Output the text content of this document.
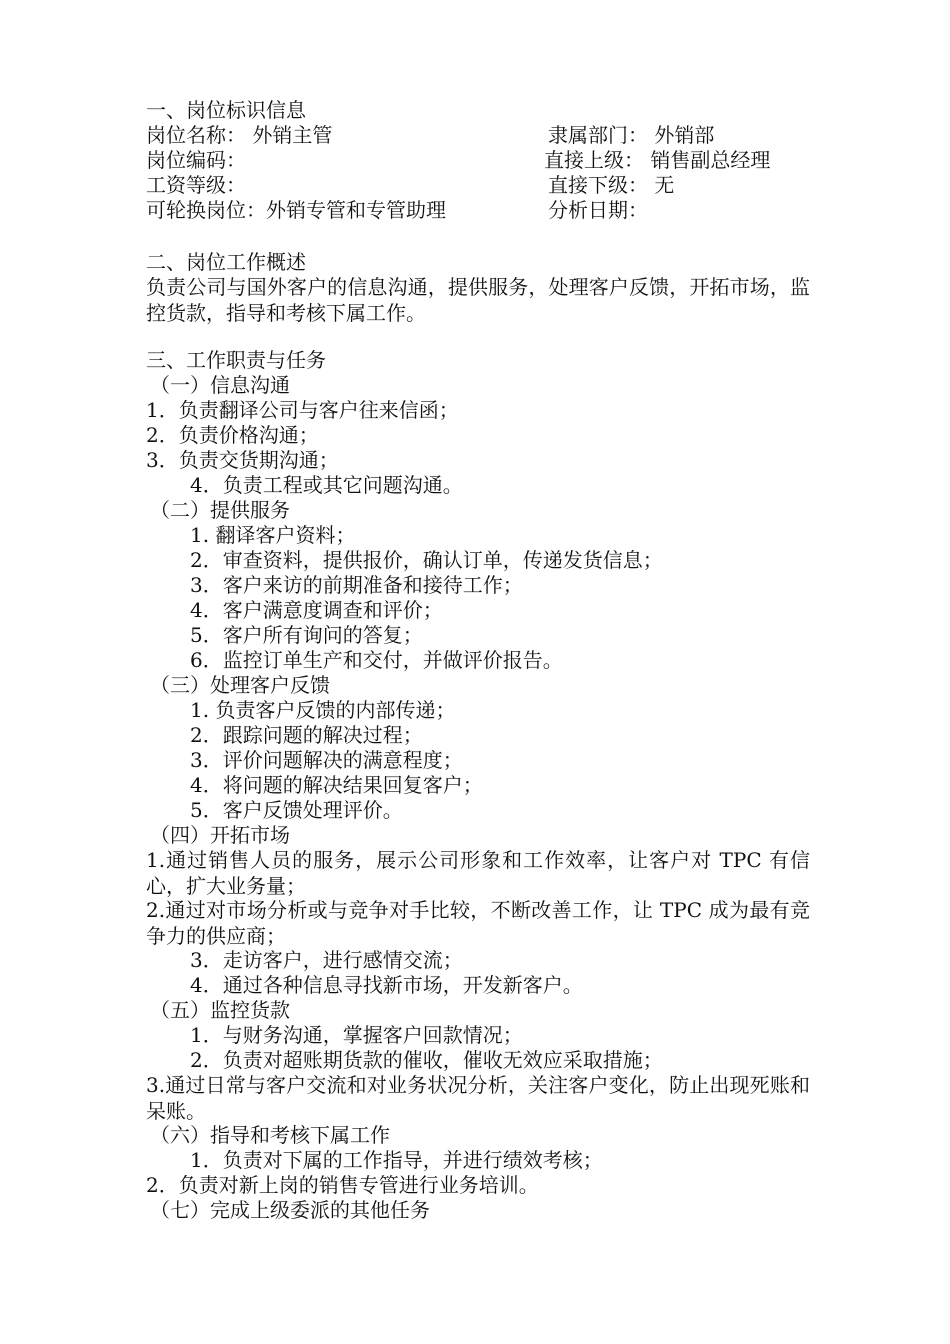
一、岗位标识信息
岗位名称： 外销主管	隶属部门： 外销部
岗位编码：	直接上级： 销售副总经理
工资等级：	直接下级： 无
可轮换岗位：外销专管和专管助理	分析日期：
二、岗位工作概述
负责公司与国外客户的信息沟通，提供服务，处理客户反馈，开拓市场，监控货款，指导和考核下属工作。
三、工作职责与任务
（一）信息沟通
1．负责翻译公司与客户往来信函；
2．负责价格沟通；
3．负责交货期沟通；
4．负责工程或其它问题沟通。
（二）提供服务
1. 翻译客户资料；
2．审查资料，提供报价，确认订单，传递发货信息；
3．客户来访的前期准备和接待工作；
4．客户满意度调查和评价；
5．客户所有询问的答复；
6．监控订单生产和交付，并做评价报告。
（三）处理客户反馈
1. 负责客户反馈的内部传递；
2．跟踪问题的解决过程；
3．评价问题解决的满意程度；
4．将问题的解决结果回复客户；
5．客户反馈处理评价。
（四）开拓市场
1.通过销售人员的服务，展示公司形象和工作效率，让客户对 TPC 有信心，扩大业务量；
2.通过对市场分析或与竞争对手比较，不断改善工作，让 TPC 成为最有竞争力的供应商；
3．走访客户，进行感情交流；
4．通过各种信息寻找新市场，开发新客户。
（五）监控货款
1．与财务沟通，掌握客户回款情况；
2．负责对超账期货款的催收，催收无效应采取措施；
3.通过日常与客户交流和对业务状况分析，关注客户变化，防止出现死账和呆账。
（六）指导和考核下属工作
1．负责对下属的工作指导，并进行绩效考核；
2．负责对新上岗的销售专管进行业务培训。
（七）完成上级委派的其他任务
